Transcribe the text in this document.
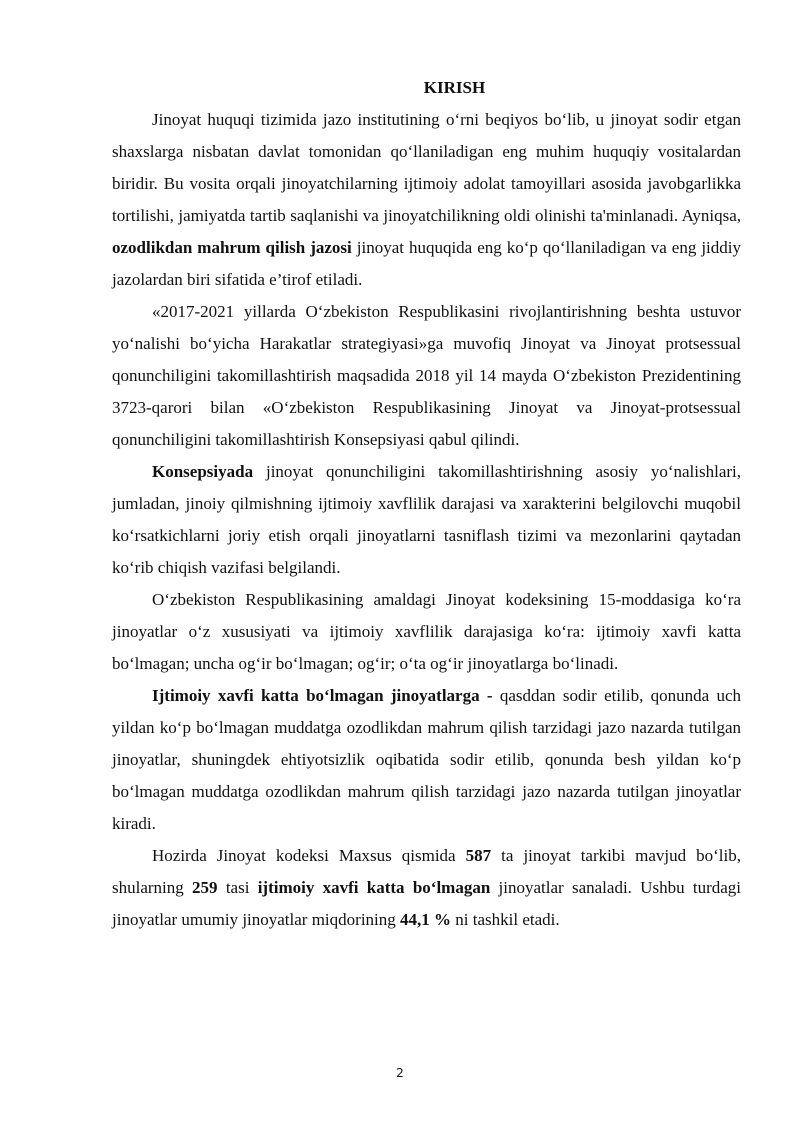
KIRISH

Jinoyat huquqi tizimida jazo institutining o‘rni beqiyos bo‘lib, u jinoyat sodir etgan shaxslarga nisbatan davlat tomonidan qo‘llaniladigan eng muhim huquqiy vositalardan biridir. Bu vosita orqali jinoyatchilarning ijtimoiy adolat tamoyillari asosida javobgarlikka tortilishi, jamiyatda tartib saqlanishi va jinoyatchilikning oldi olinishi ta'minlanadi. Ayniqsa, ozodlikdan mahrum qilish jazosi jinoyat huquqida eng ko‘p qo‘llaniladigan va eng jiddiy jazolardan biri sifatida e’tirof etiladi.

«2017-2021 yillarda O‘zbekiston Respublikasini rivojlantirishning beshta ustuvor yo‘nalishi bo‘yicha Harakatlar strategiyasi»ga muvofiq Jinoyat va Jinoyat protsessual qonunchiligini takomillashtirish maqsadida 2018 yil 14 mayda O‘zbekiston Prezidentining 3723-qarori bilan «O‘zbekiston Respublikasining Jinoyat va Jinoyat-protsessual qonunchiligini takomillashtirish Konsepsiyasi qabul qilindi.

Konsepsiyada jinoyat qonunchiligini takomillashtirishning asosiy yo‘nalishlari, jumladan, jinoiy qilmishning ijtimoiy xavflilik darajasi va xarakterini belgilovchi muqobil ko‘rsatkichlarni joriy etish orqali jinoyatlarni tasniflash tizimi va mezonlarini qaytadan ko‘rib chiqish vazifasi belgilandi.

O‘zbekiston Respublikasining amaldagi Jinoyat kodeksining 15-moddasiga ko‘ra jinoyatlar o‘z xususiyati va ijtimoiy xavflilik darajasiga ko‘ra: ijtimoiy xavfi katta bo‘lmagan; uncha og‘ir bo‘lmagan; og‘ir; o‘ta og‘ir jinoyatlarga bo‘linadi.

Ijtimoiy xavfi katta bo‘lmagan jinoyatlarga - qasddan sodir etilib, qonunda uch yildan ko‘p bo‘lmagan muddatga ozodlikdan mahrum qilish tarzidagi jazo nazarda tutilgan jinoyatlar, shuningdek ehtiyotsizlik oqibatida sodir etilib, qonunda besh yildan ko‘p bo‘lmagan muddatga ozodlikdan mahrum qilish tarzidagi jazo nazarda tutilgan jinoyatlar kiradi.

Hozirda Jinoyat kodeksi Maxsus qismida 587 ta jinoyat tarkibi mavjud bo‘lib, shularning 259 tasi ijtimoiy xavfi katta bo‘lmagan jinoyatlar sanaladi. Ushbu turdagi jinoyatlar umumiy jinoyatlar miqdorining 44,1 % ni tashkil etadi.

2
